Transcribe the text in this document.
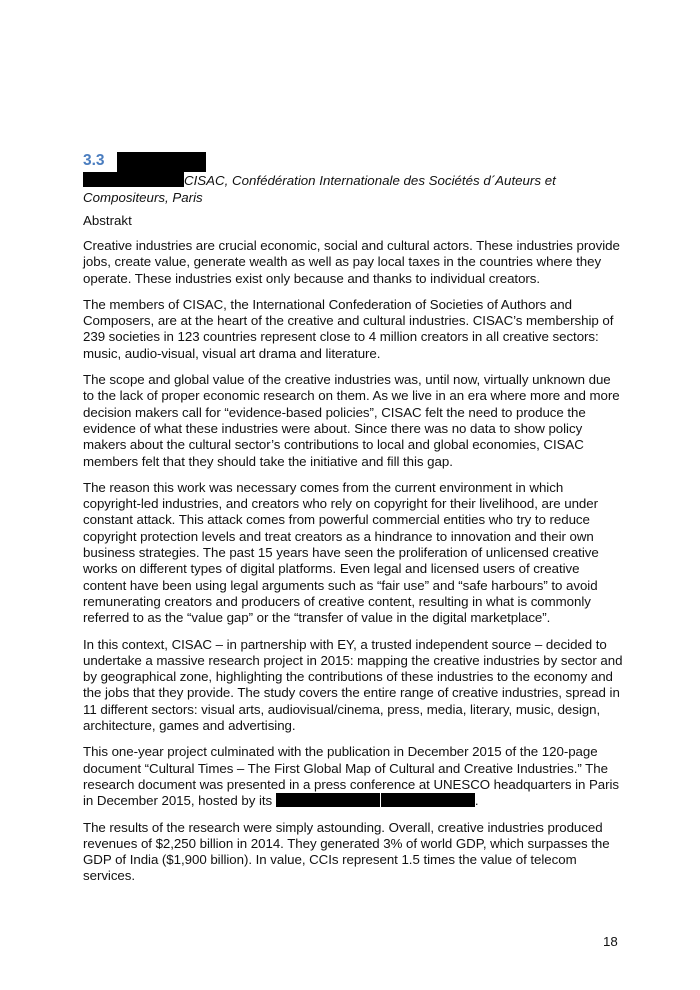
3.3
CISAC, Confédération Internationale des Sociétés d´Auteurs et Compositeurs, Paris
Abstrakt

Creative industries are crucial economic, social and cultural actors. These industries provide jobs, create value, generate wealth as well as pay local taxes in the countries where they operate. These industries exist only because and thanks to individual creators.

The members of CISAC, the International Confederation of Societies of Authors and Composers, are at the heart of the creative and cultural industries. CISAC’s membership of 239 societies in 123 countries represent close to 4 million creators in all creative sectors: music, audio-visual, visual art drama and literature.

The scope and global value of the creative industries was, until now, virtually unknown due to the lack of proper economic research on them. As we live in an era where more and more decision makers call for “evidence-based policies”, CISAC felt the need to produce the evidence of what these industries were about. Since there was no data to show policy makers about the cultural sector’s contributions to local and global economies, CISAC members felt that they should take the initiative and fill this gap.

The reason this work was necessary comes from the current environment in which copyright-led industries, and creators who rely on copyright for their livelihood, are under constant attack. This attack comes from powerful commercial entities who try to reduce copyright protection levels and treat creators as a hindrance to innovation and their own business strategies. The past 15 years have seen the proliferation of unlicensed creative works on different types of digital platforms. Even legal and licensed users of creative content have been using legal arguments such as “fair use” and “safe harbours” to avoid remunerating creators and producers of creative content, resulting in what is commonly referred to as the “value gap” or the “transfer of value in the digital marketplace”.

In this context, CISAC – in partnership with EY, a trusted independent source – decided to undertake a massive research project in 2015: mapping the creative industries by sector and by geographical zone, highlighting the contributions of these industries to the economy and the jobs that they provide. The study covers the entire range of creative industries, spread in 11 different sectors: visual arts, audiovisual/cinema, press, media, literary, music, design, architecture, games and advertising.

This one-year project culminated with the publication in December 2015 of the 120-page document “Cultural Times – The First Global Map of Cultural and Creative Industries.” The research document was presented in a press conference at UNESCO headquarters in Paris in December 2015, hosted by its	.

The results of the research were simply astounding. Overall, creative industries produced revenues of $2,250 billion in 2014. They generated 3% of world GDP, which surpasses the GDP of India ($1,900 billion). In value, CCIs represent 1.5 times the value of telecom services.

18
